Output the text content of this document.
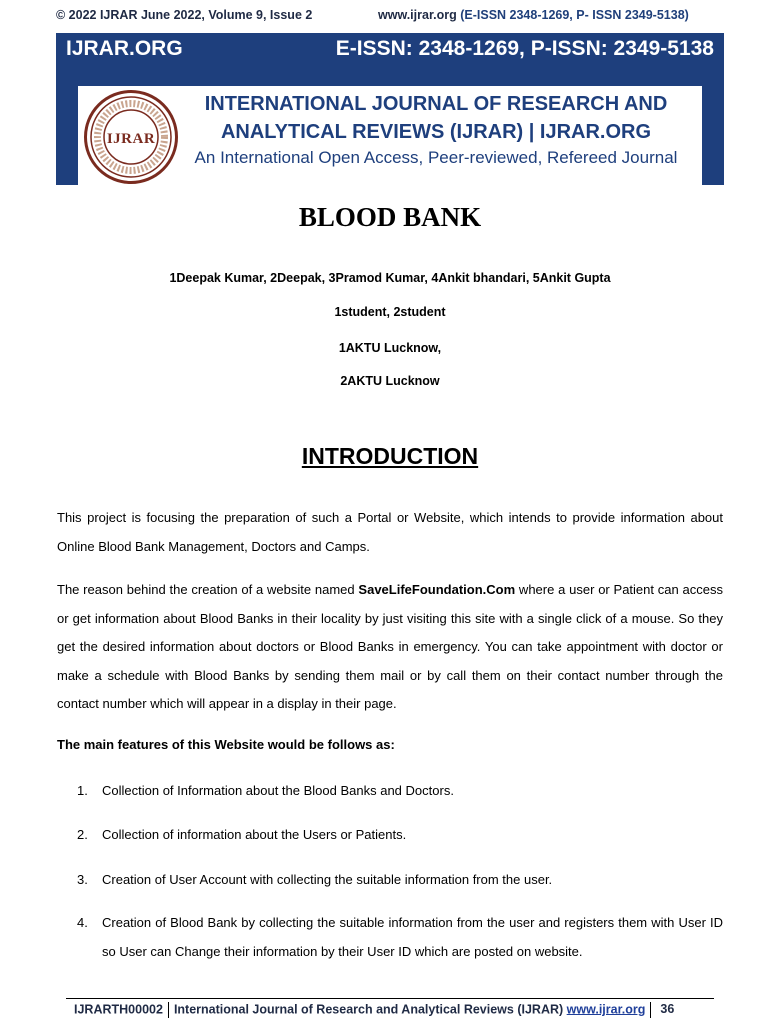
© 2022 IJRAR June 2022, Volume 9, Issue 2	www.ijrar.org (E-ISSN 2348-1269, P- ISSN 2349-5138)
IJRAR.ORG	E-ISSN: 2348-1269, P-ISSN: 2349-5138
IJRAR
INTERNATIONAL JOURNAL OF RESEARCH AND
ANALYTICAL REVIEWS (IJRAR) | IJRAR.ORG
An International Open Access, Peer-reviewed, Refereed Journal
BLOOD BANK
1Deepak Kumar, 2Deepak, 3Pramod Kumar, 4Ankit bhandari, 5Ankit Gupta
1student, 2student
1AKTU Lucknow,
2AKTU Lucknow
INTRODUCTION

This project is focusing the preparation of such a Portal or Website, which intends to provide information about Online Blood Bank Management, Doctors and Camps.

The reason behind the creation of a website named SaveLifeFoundation.Com where a user or Patient can access or get information about Blood Banks in their locality by just visiting this site with a single click of a mouse. So they get the desired information about doctors or Blood Banks in emergency. You can take appointment with doctor or make a schedule with Blood Banks by sending them mail or by call them on their contact number through the contact number which will appear in a display in their page.

The main features of this Website would be follows as:
1. Collection of Information about the Blood Banks and Doctors.
2. Collection of information about the Users or Patients.
3. Creation of User Account with collecting the suitable information from the user.
4. Creation of Blood Bank by collecting the suitable information from the user and registers them with User ID so User can Change their information by their User ID which are posted on website.
IJRARTH00002 International Journal of Research and Analytical Reviews (IJRAR) www.ijrar.org 36
